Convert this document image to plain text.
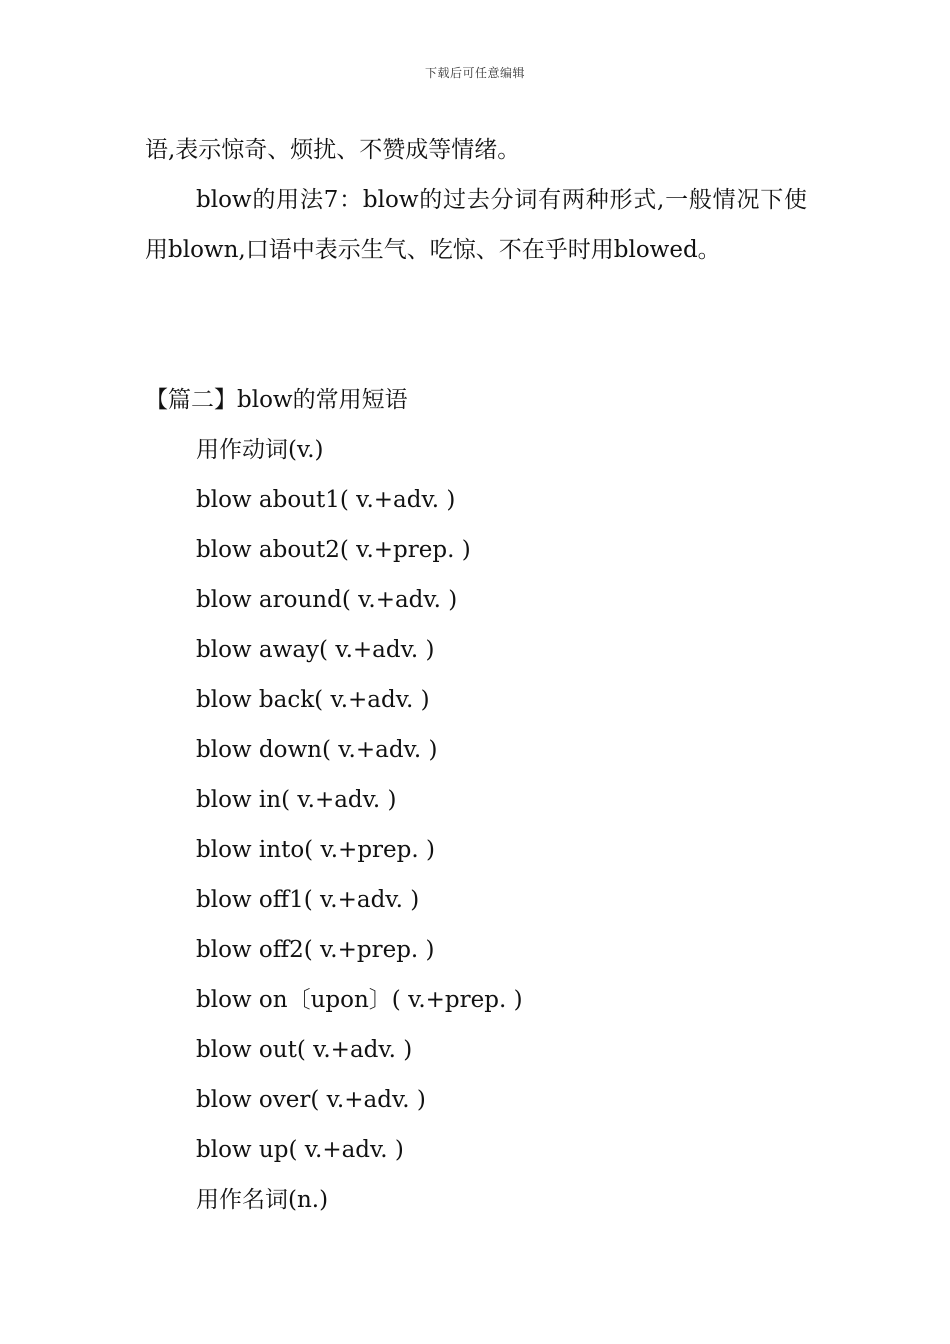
下载后可任意编辑

语,表示惊奇、烦扰、不赞成等情绪。

blow的用法7：blow的过去分词有两种形式,一般情况下使用blown,口语中表示生气、吃惊、不在乎时用blowed。

【篇二】blow的常用短语

用作动词(v.)

blow about1( v.+adv. )

blow about2( v.+prep. )

blow around( v.+adv. )

blow away( v.+adv. )

blow back( v.+adv. )

blow down( v.+adv. )

blow in( v.+adv. )

blow into( v.+prep. )

blow off1( v.+adv. )

blow off2( v.+prep. )

blow on〔upon〕( v.+prep. )

blow out( v.+adv. )

blow over( v.+adv. )

blow up( v.+adv. )

用作名词(n.)
